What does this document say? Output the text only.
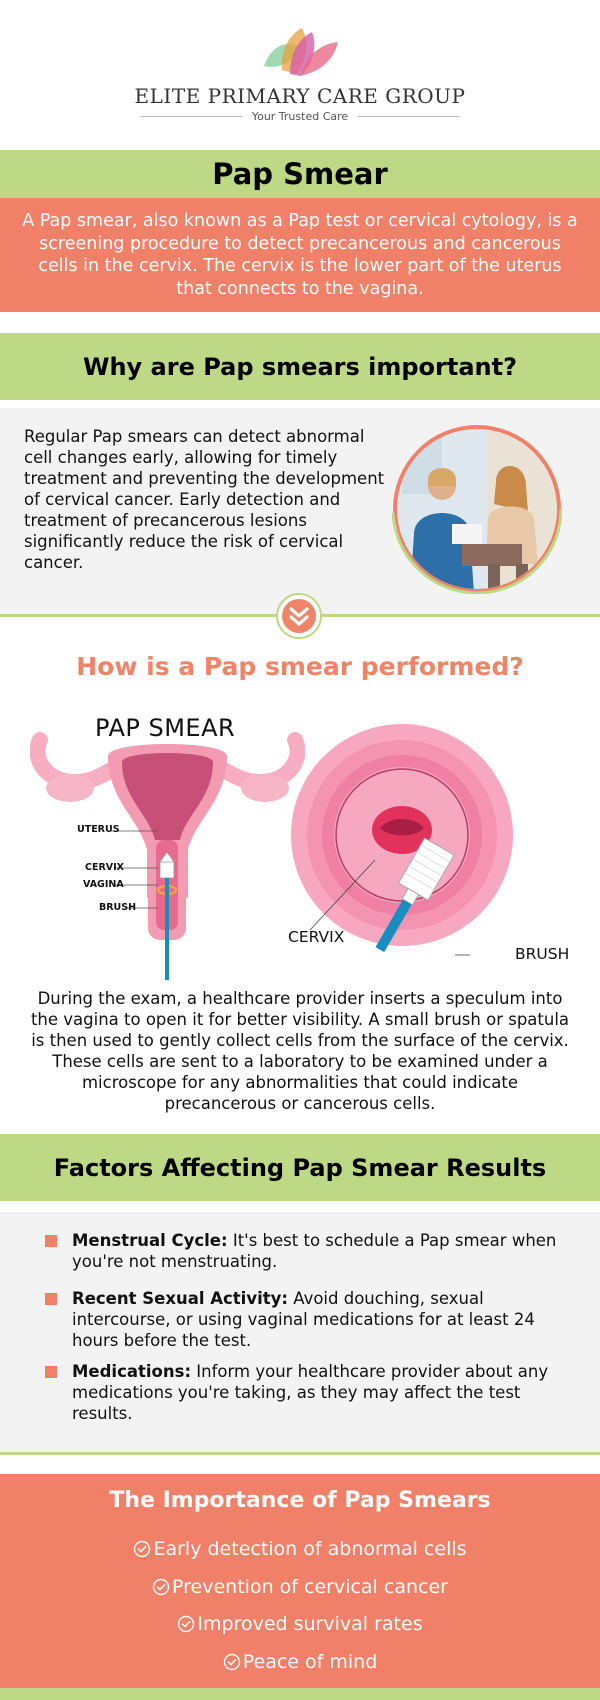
ELITE PRIMARY CARE GROUP
Your Trusted Care
Pap Smear
A Pap smear, also known as a Pap test or cervical cytology, is a screening procedure to detect precancerous and cancerous cells in the cervix. The cervix is the lower part of the uterus that connects to the vagina.
Why are Pap smears important?
Regular Pap smears can detect abnormal cell changes early, allowing for timely treatment and preventing the development of cervical cancer. Early detection and treatment of precancerous lesions significantly reduce the risk of cervical cancer.
How is a Pap smear performed?
PAP SMEAR
UTERUS
CERVIX
VAGINA
BRUSH
CERVIX
BRUSH
During the exam, a healthcare provider inserts a speculum into the vagina to open it for better visibility. A small brush or spatula is then used to gently collect cells from the surface of the cervix. These cells are sent to a laboratory to be examined under a microscope for any abnormalities that could indicate precancerous or cancerous cells.
Factors Affecting Pap Smear Results
Menstrual Cycle: It's best to schedule a Pap smear when you're not menstruating.
Recent Sexual Activity: Avoid douching, sexual intercourse, or using vaginal medications for at least 24 hours before the test.
Medications: Inform your healthcare provider about any medications you're taking, as they may affect the test results.
The Importance of Pap Smears
Early detection of abnormal cells
Prevention of cervical cancer
Improved survival rates
Peace of mind
